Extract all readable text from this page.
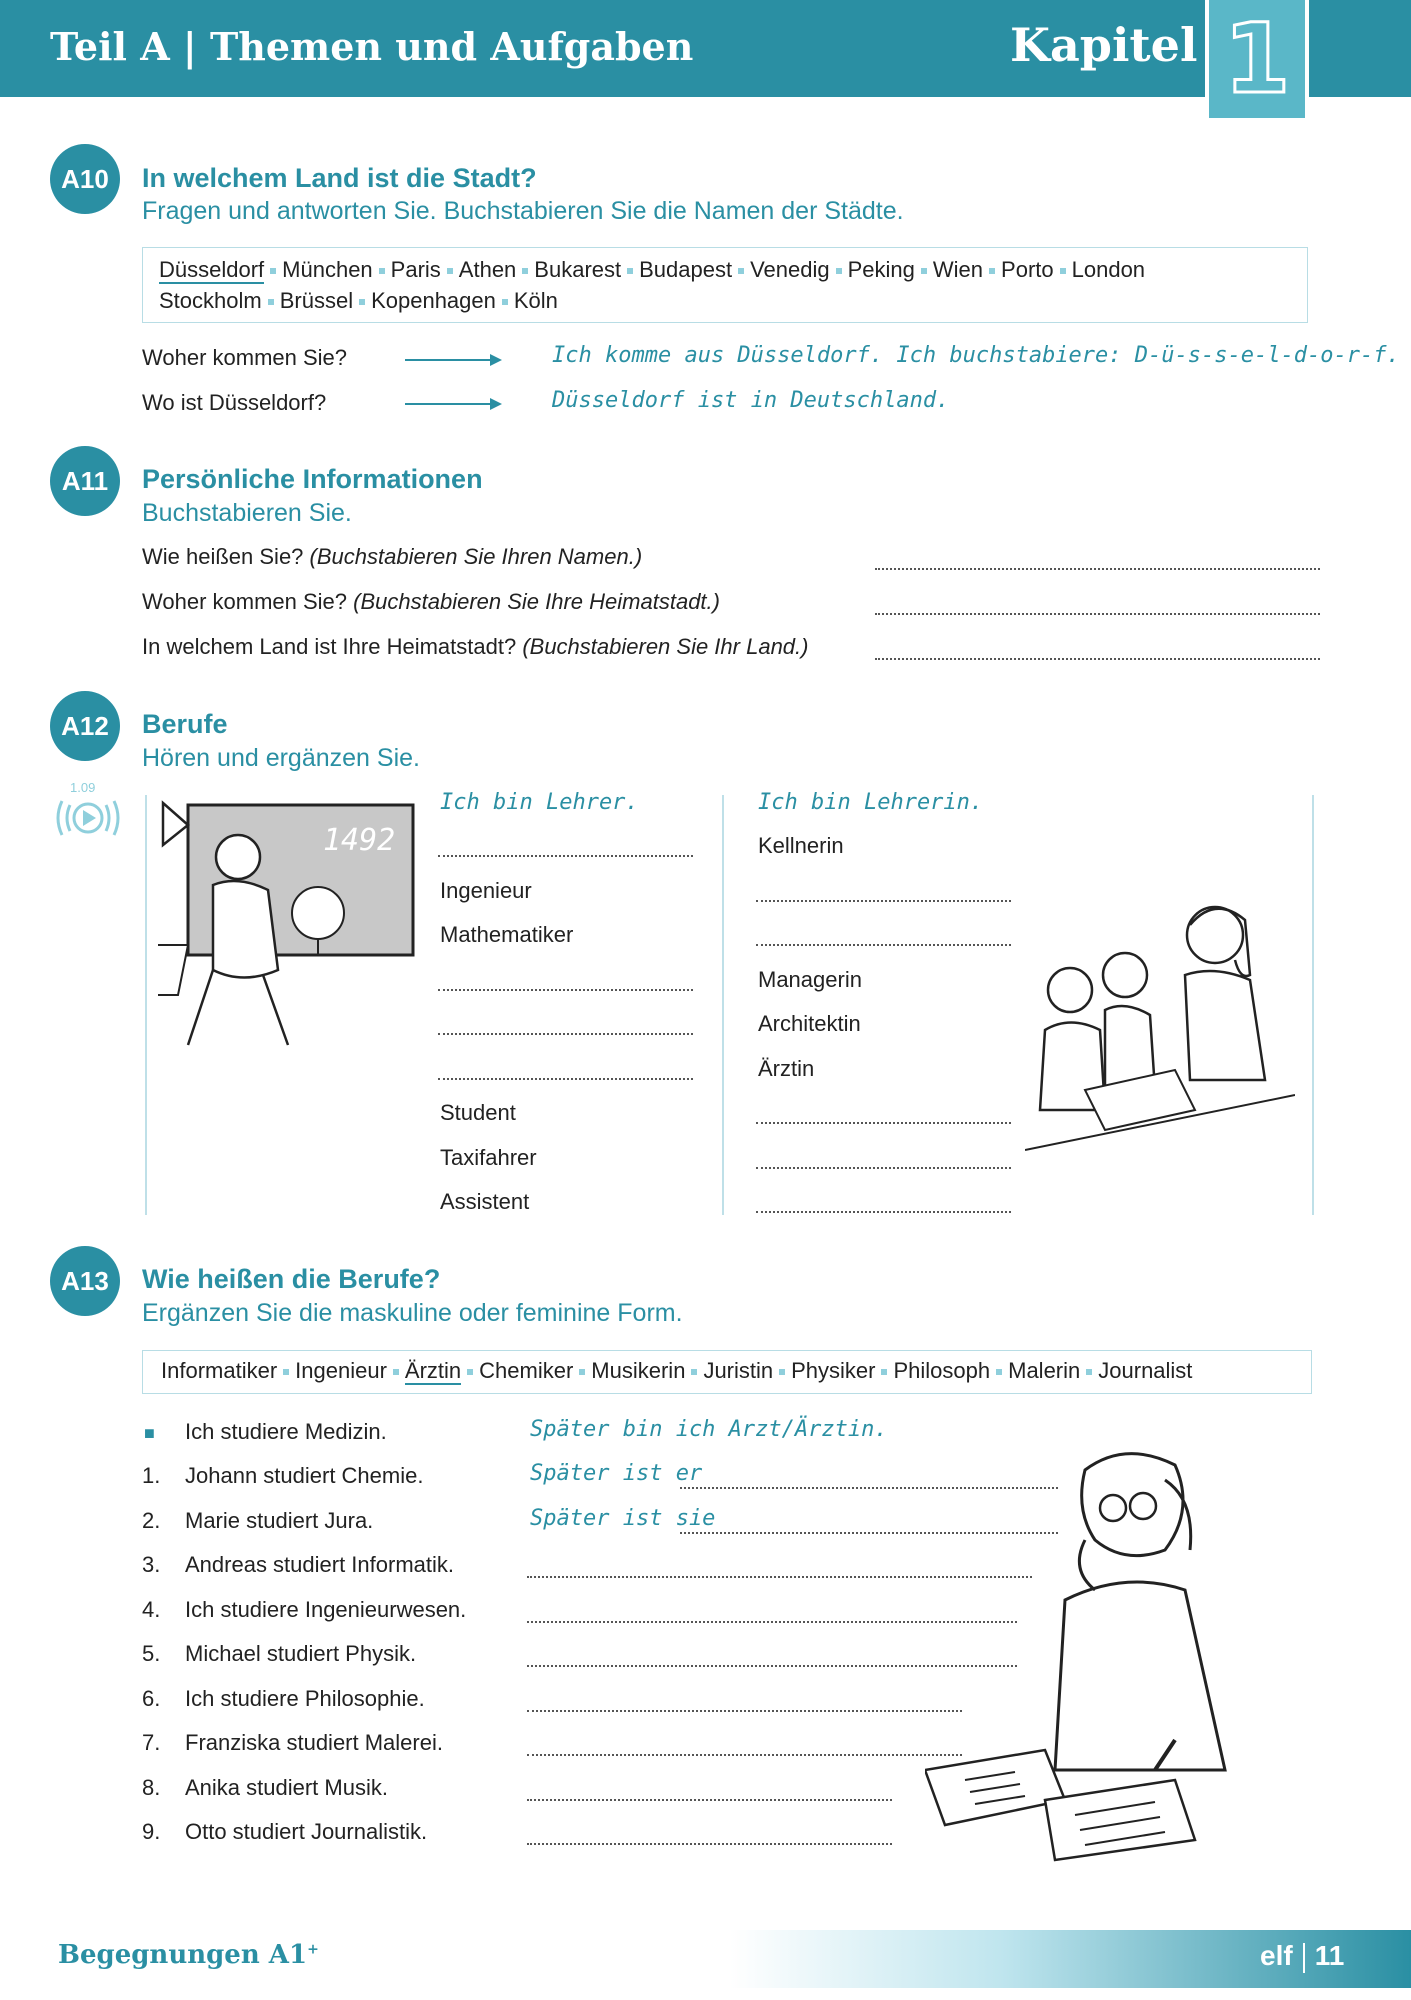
Teil A | Themen und Aufgaben	Kapitel 1
A10	In welchem Land ist die Stadt?
Fragen und antworten Sie. Buchstabieren Sie die Namen der Städte.
Düsseldorf München Paris Athen Bukarest Budapest Venedig Peking Wien Porto London
Stockholm Brüssel Kopenhagen Köln
Woher kommen Sie?	Ich komme aus Düsseldorf. Ich buchstabiere: D-ü-s-s-e-l-d-o-r-f.
Wo ist Düsseldorf?	Düsseldorf ist in Deutschland.
A11	Persönliche Informationen
Buchstabieren Sie.
Wie heißen Sie? (Buchstabieren Sie Ihren Namen.)
Woher kommen Sie? (Buchstabieren Sie Ihre Heimatstadt.)
In welchem Land ist Ihre Heimatstadt? (Buchstabieren Sie Ihr Land.)
A12	Berufe
Hören und ergänzen Sie.
1.09
1492
Ich bin Lehrer.
Ingenieur
Mathematiker
Student
Taxifahrer
Assistent
Ich bin Lehrerin.
Kellnerin
Managerin
Architektin
Ärztin
A13	Wie heißen die Berufe?
Ergänzen Sie die maskuline oder feminine Form.
Informatiker Ingenieur Ärztin Chemiker Musikerin Juristin Physiker Philosoph Malerin Journalist
■ Ich studiere Medizin.	Später bin ich Arzt/Ärztin.
1. Johann studiert Chemie.	Später ist er
2. Marie studiert Jura.	Später ist sie
3. Andreas studiert Informatik.
4. Ich studiere Ingenieurwesen.
5. Michael studiert Physik.
6. Ich studiere Philosophie.
7. Franziska studiert Malerei.
8. Anika studiert Musik.
9. Otto studiert Journalistik.
Begegnungen A1+	elf 11
